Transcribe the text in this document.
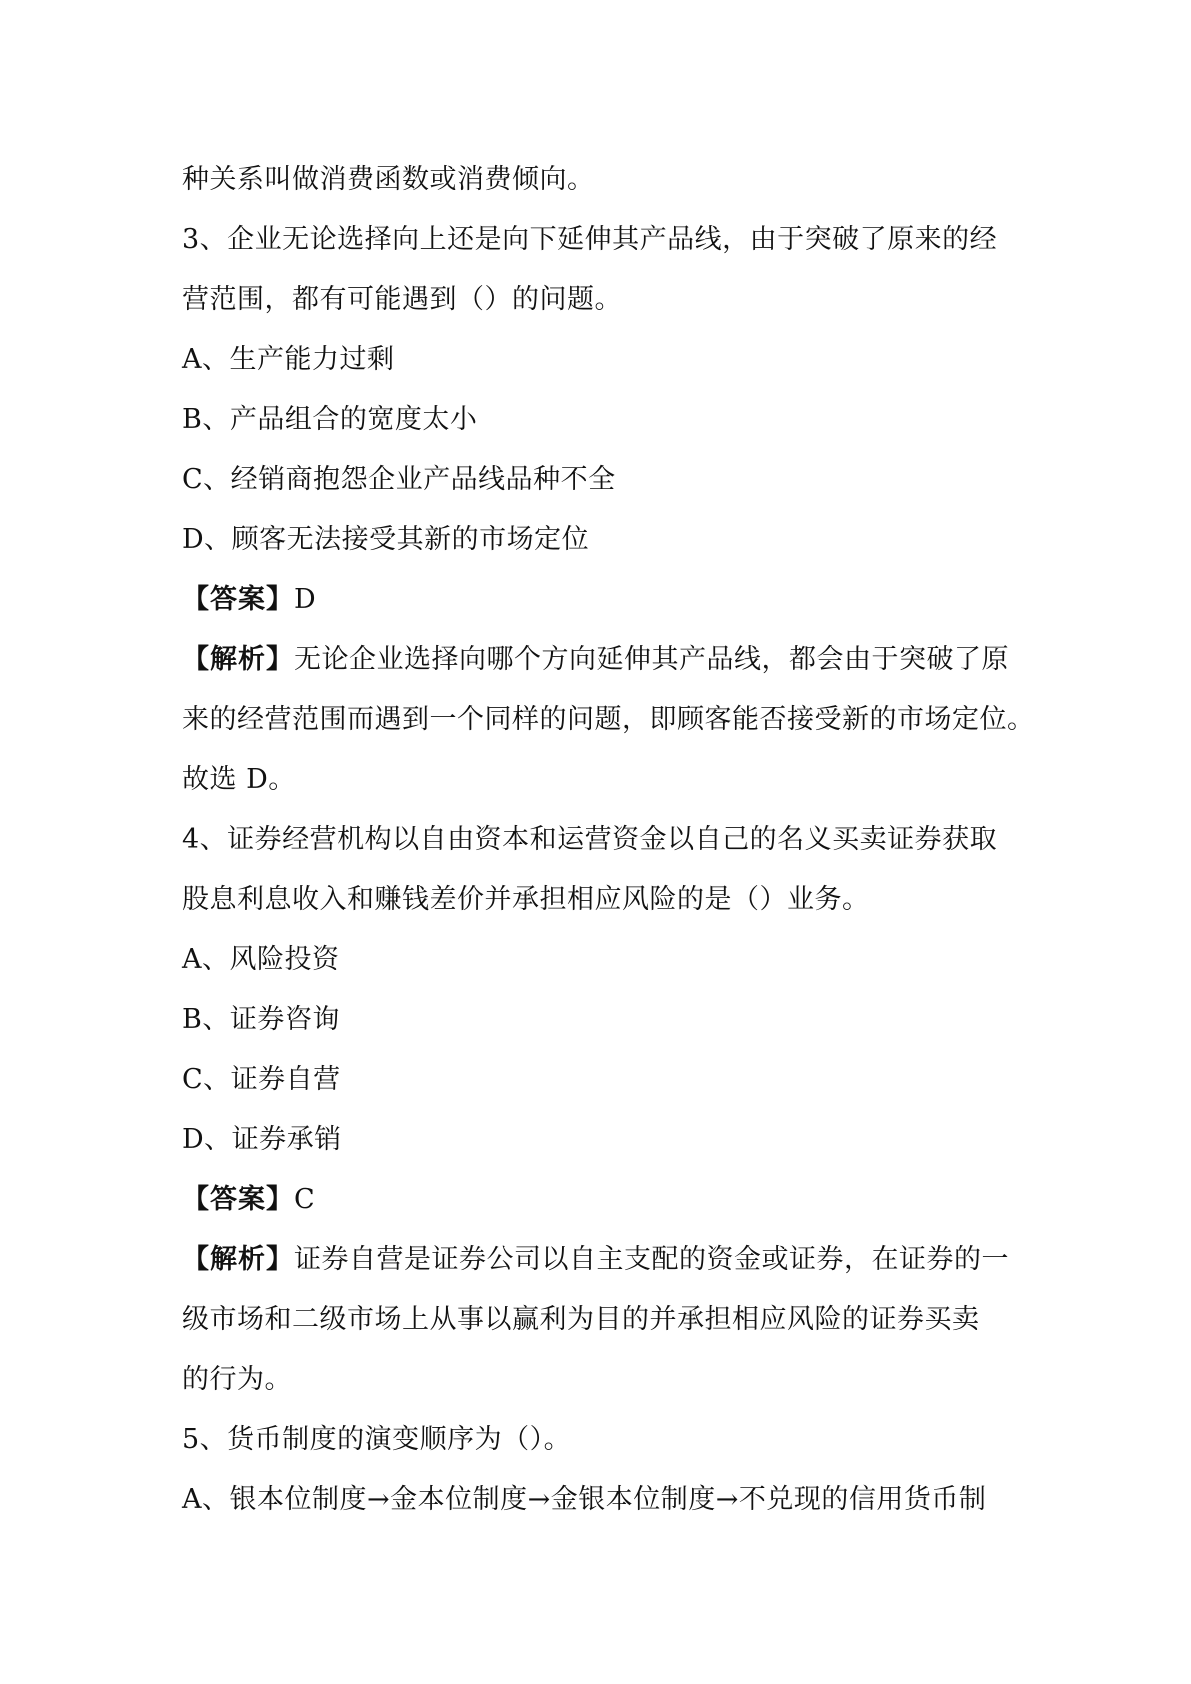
种关系叫做消费函数或消费倾向。
3、企业无论选择向上还是向下延伸其产品线，由于突破了原来的经
营范围，都有可能遇到（）的问题。
A、生产能力过剩
B、产品组合的宽度太小
C、经销商抱怨企业产品线品种不全
D、顾客无法接受其新的市场定位
【答案】D
【解析】无论企业选择向哪个方向延伸其产品线，都会由于突破了原
来的经营范围而遇到一个同样的问题，即顾客能否接受新的市场定位。
故选 D。
4、证券经营机构以自由资本和运营资金以自己的名义买卖证券获取
股息利息收入和赚钱差价并承担相应风险的是（）业务。
A、风险投资
B、证券咨询
C、证券自营
D、证券承销
【答案】C
【解析】证券自营是证券公司以自主支配的资金或证券，在证券的一
级市场和二级市场上从事以赢利为目的并承担相应风险的证券买卖
的行为。
5、货币制度的演变顺序为（）。
A、银本位制度→金本位制度→金银本位制度→不兑现的信用货币制
